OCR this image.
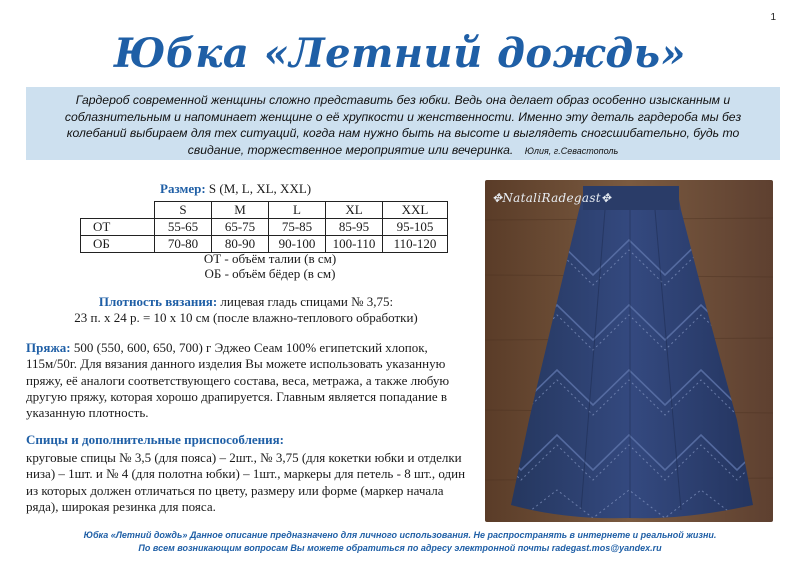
1
Юбка «Летний дождь»
Гардероб современной женщины сложно представить без юбки. Ведь она делает образ особенно изысканным и соблазнительным и напоминает женщине о её хрупкости и женственности. Именно эту деталь гардероба мы без колебаний выбираем для тех ситуаций, когда нам нужно быть на высоте и выглядеть сногсшибательно, будь то свидание, торжественное мероприятие или вечеринка. Юлия, г.Севастополь
Размер: S (M, L, XL, XXL)
	S	M	L	XL	XXL
ОТ	55-65	65-75	75-85	85-95	95-105
ОБ	70-80	80-90	90-100	100-110	110-120
ОТ - объём талии (в см)
ОБ - объём бёдер (в см)
Плотность вязания: лицевая гладь спицами № 3,75:
23 п. х 24 р. = 10 х 10 см (после влажно-теплового обработки)
Пряжа: 500 (550, 600, 650, 700) г Эджео Сеам 100% египетский хлопок, 115м/50г. Для вязания данного изделия Вы можете использовать указанную пряжу, её аналоги соответствующего состава, веса, метража, а также любую другую пряжу, которая хорошо драпируется. Главным является попадание в указанную плотность.
Спицы и дополнительные приспособления:
круговые спицы № 3,5 (для пояса) – 2шт., № 3,75 (для кокетки юбки и отделки низа) – 1шт. и № 4 (для полотна юбки) – 1шт., маркеры для петель - 8 шт., один из которых должен отличаться по цвету, размеру или форме (маркер начала ряда), широкая резинка для пояса.
✥NataliRadegast✥
Юбка «Летний дождь» Данное описание предназначено для личного использования. Не распространять в интернете и реальной жизни.
По всем возникающим вопросам Вы можете обратиться по адресу электронной почты radegast.mos@yandex.ru
